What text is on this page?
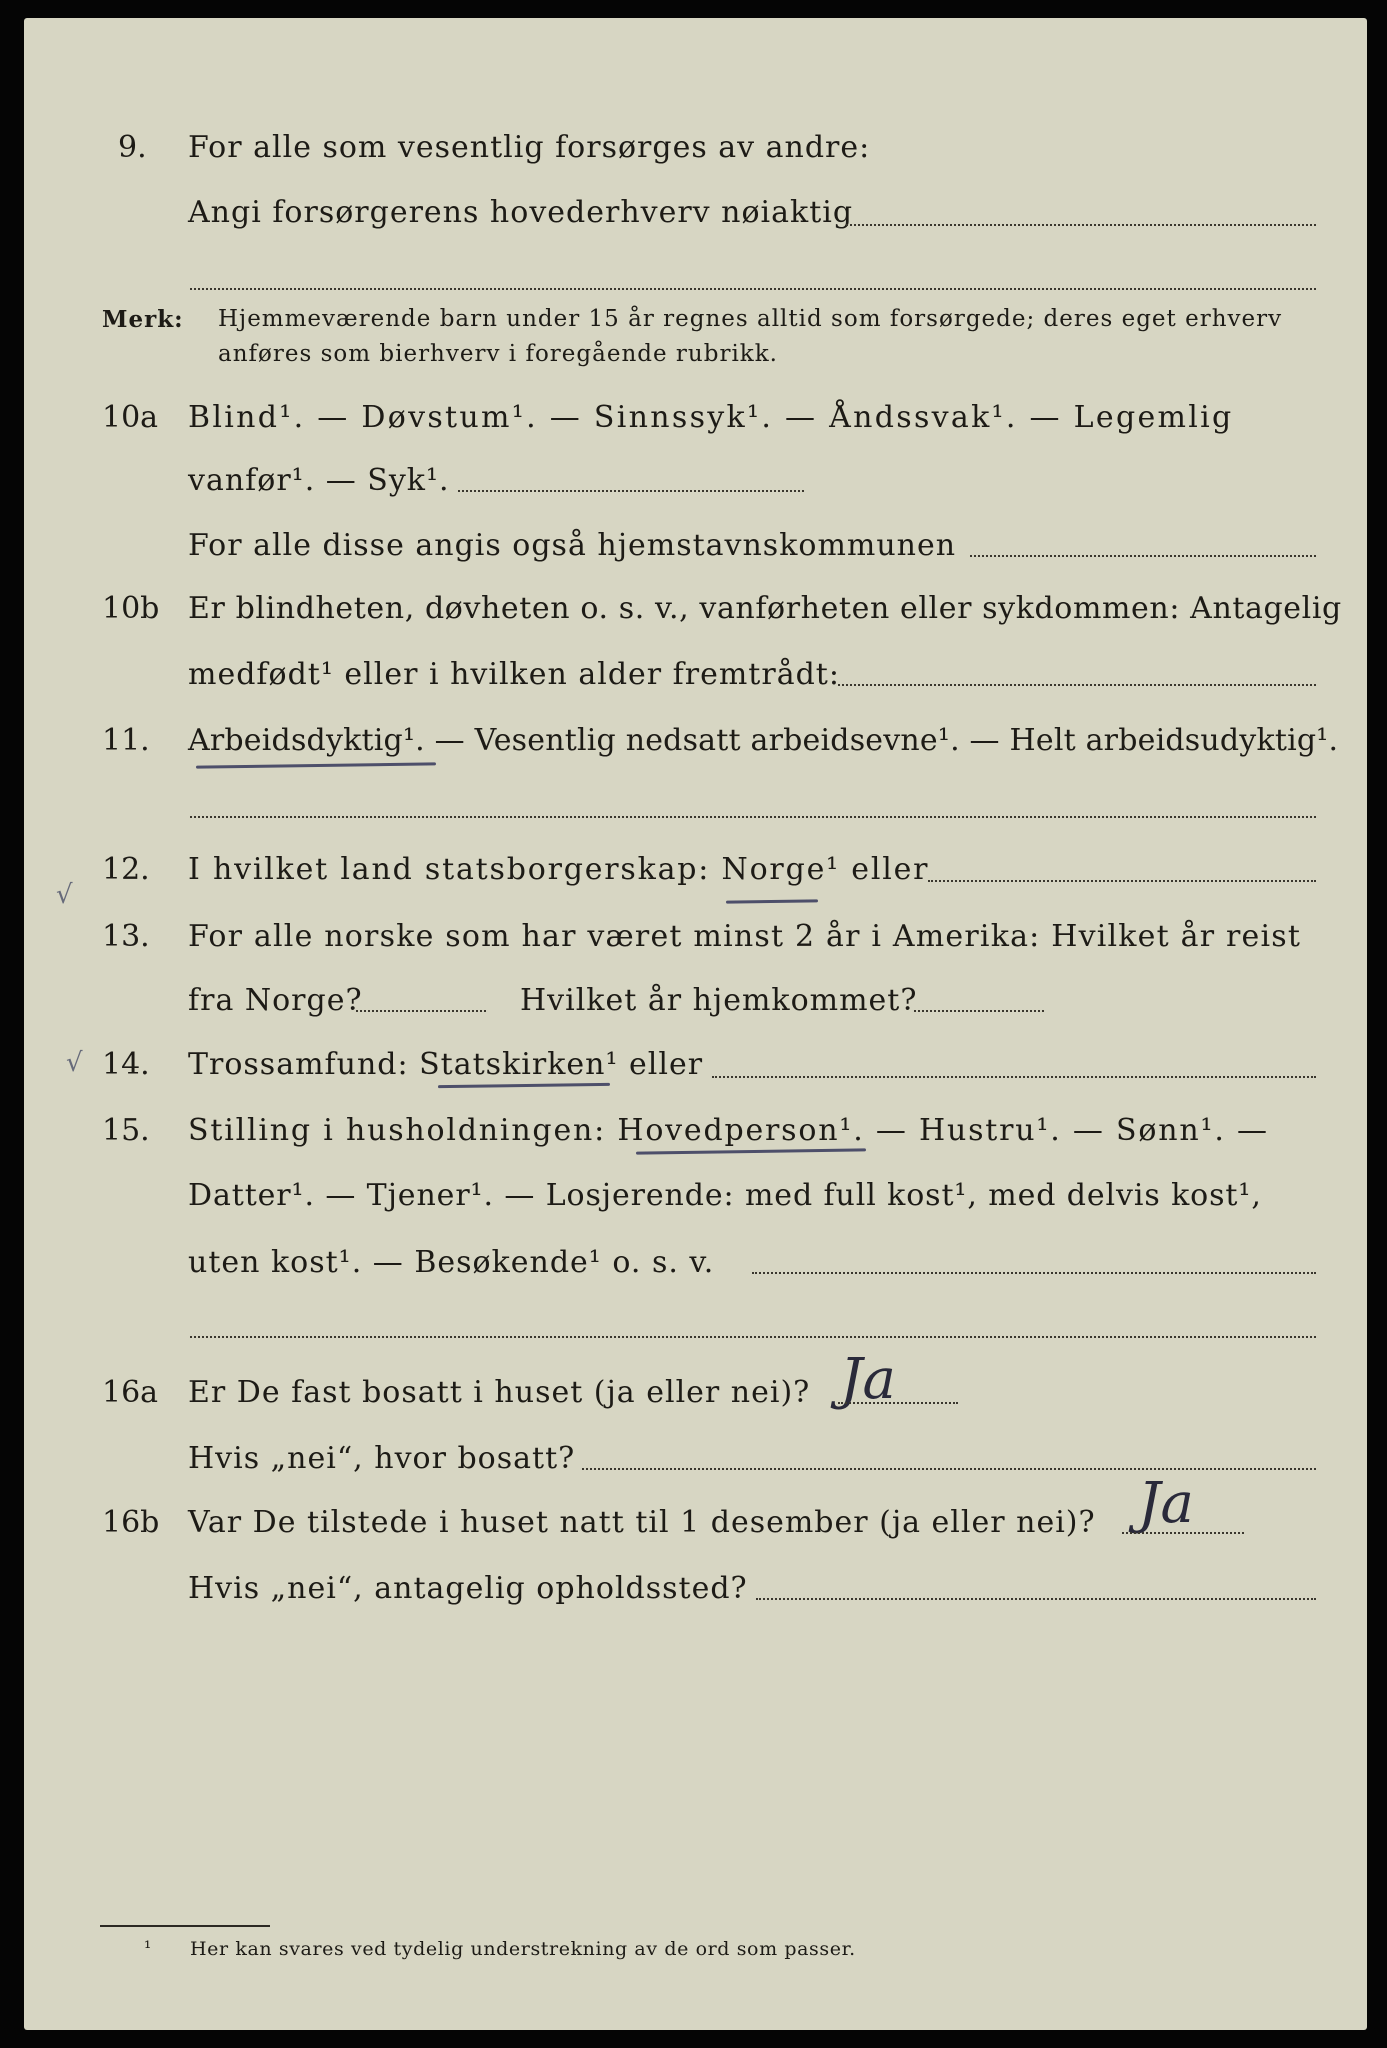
9. For alle som vesentlig forsørges av andre:
Angi forsørgerens hovederhverv nøiaktig
Merk: Hjemmeværende barn under 15 år regnes alltid som forsørgede; deres eget erhverv
anføres som bierhverv i foregående rubrikk.
10a Blind¹. — Døvstum¹. — Sinnssyk¹. — Åndssvak¹. — Legemlig
vanfør¹. — Syk¹.
For alle disse angis også hjemstavnskommunen
10b Er blindheten, døvheten o. s. v., vanførheten eller sykdommen: Antagelig
medfødt¹ eller i hvilken alder fremtrådt:
11. Arbeidsdyktig¹. — Vesentlig nedsatt arbeidsevne¹. — Helt arbeidsudyktig¹.
√
12. I hvilket land statsborgerskap: Norge¹ eller
13. For alle norske som har været minst 2 år i Amerika: Hvilket år reist
fra Norge?	Hvilket år hjemkommet?
√ 14. Trossamfund: Statskirken¹ eller
15. Stilling i husholdningen: Hovedperson¹. — Hustru¹. — Sønn¹. —
Datter¹. — Tjener¹. — Losjerende: med full kost¹, med delvis kost¹,
uten kost¹. — Besøkende¹ o. s. v.
16a Er De fast bosatt i huset (ja eller nei)? Ja
Hvis „nei“, hvor bosatt?
16b Var De tilstede i huset natt til 1 desember (ja eller nei)? Ja
Hvis „nei“, antagelig opholdssted?
¹ Her kan svares ved tydelig understrekning av de ord som passer.
